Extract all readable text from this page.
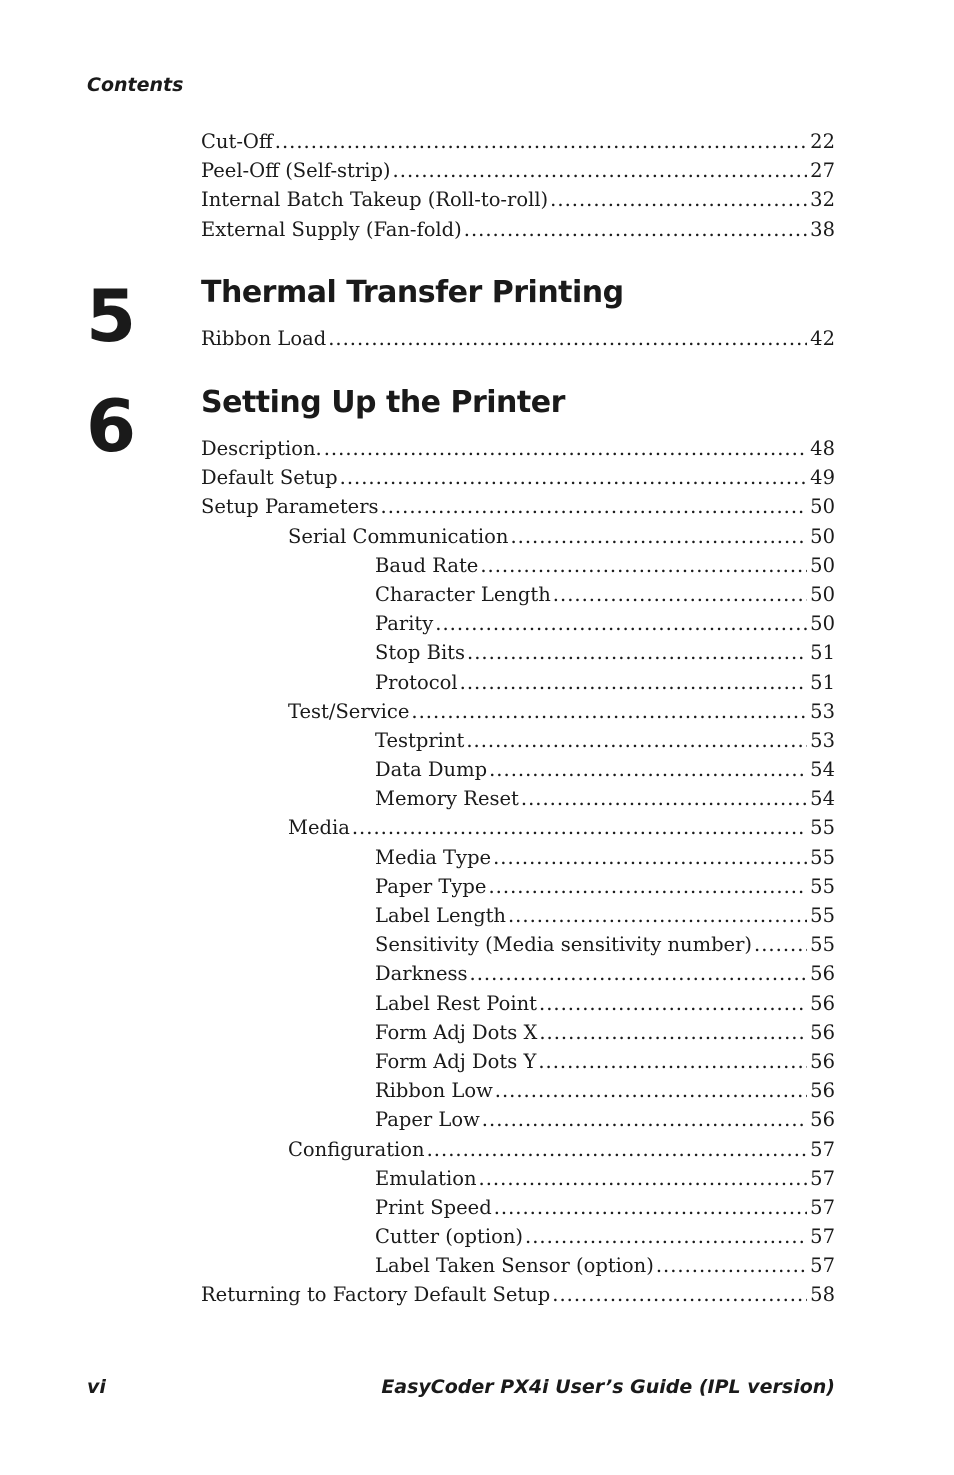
Contents
Cut-Off .....	22
Peel-Off (Self-strip) .....	27
Internal Batch Takeup (Roll-to-roll) .....	32
External Supply (Fan-fold) .....	38
5 Thermal Transfer Printing
Ribbon Load .....	42
6 Setting Up the Printer
Description. .....	48
Default Setup .....	49
Setup Parameters .....	50
Serial Communication .....	50
Baud Rate .....	50
Character Length .....	50
Parity .....	50
Stop Bits .....	51
Protocol .....	51
Test/Service .....	53
Testprint .....	53
Data Dump .....	54
Memory Reset .....	54
Media .....	55
Media Type .....	55
Paper Type .....	55
Label Length .....	55
Sensitivity (Media sensitivity number) .....	55
Darkness .....	56
Label Rest Point .....	56
Form Adj Dots X .....	56
Form Adj Dots Y .....	56
Ribbon Low .....	56
Paper Low .....	56
Configuration .....	57
Emulation .....	57
Print Speed .....	57
Cutter (option) .....	57
Label Taken Sensor (option) .....	57
Returning to Factory Default Setup .....	58
vi	EasyCoder PX4i User’s Guide (IPL version)
